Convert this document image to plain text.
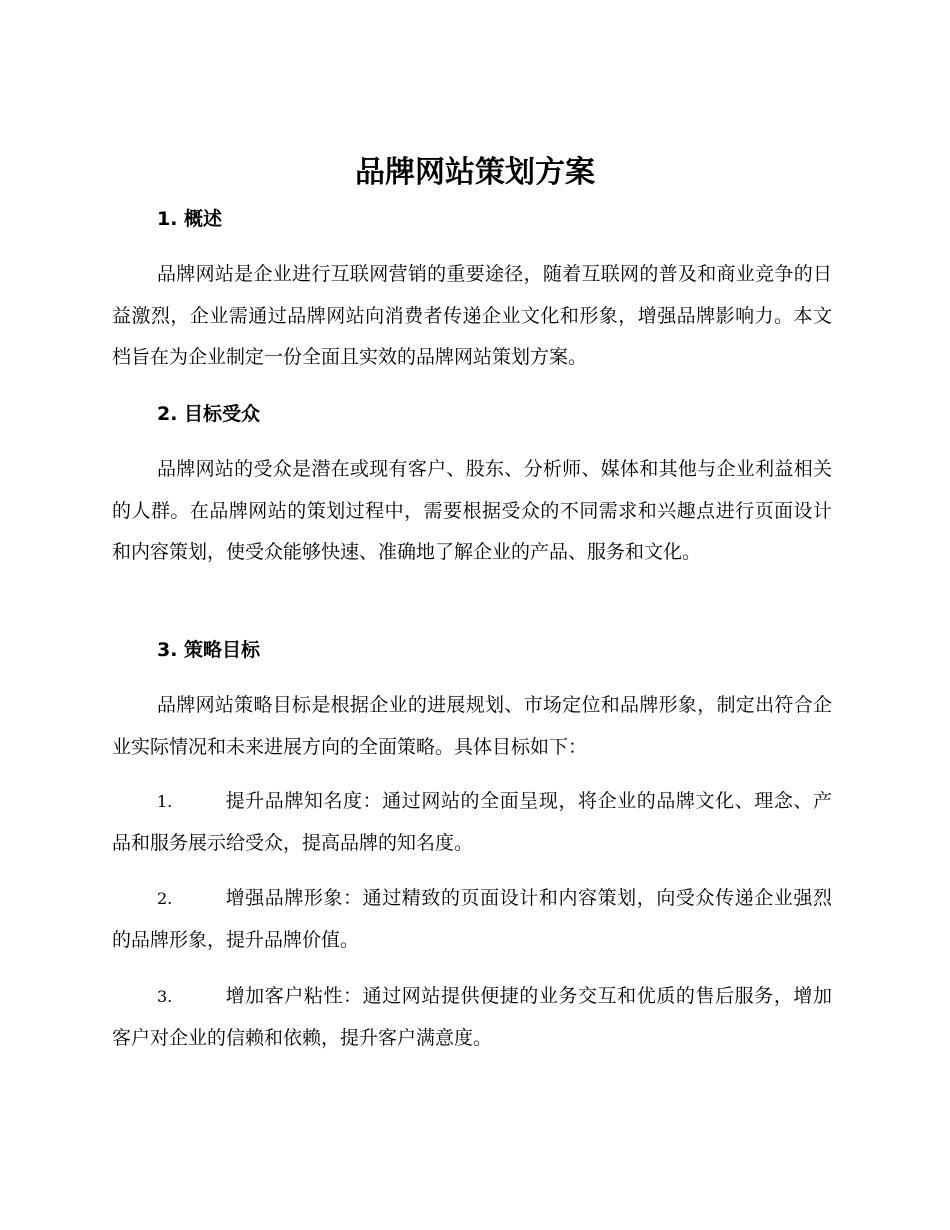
品牌网站策划方案
1. 概述

品牌网站是企业进行互联网营销的重要途径，随着互联网的普及和商业竞争的日益激烈，企业需通过品牌网站向消费者传递企业文化和形象，增强品牌影响力。本文档旨在为企业制定一份全面且实效的品牌网站策划方案。

2. 目标受众

品牌网站的受众是潜在或现有客户、股东、分析师、媒体和其他与企业利益相关的人群。在品牌网站的策划过程中，需要根据受众的不同需求和兴趣点进行页面设计和内容策划，使受众能够快速、准确地了解企业的产品、服务和文化。

3. 策略目标

品牌网站策略目标是根据企业的进展规划、市场定位和品牌形象，制定出符合企业实际情况和未来进展方向的全面策略。具体目标如下：

1.	提升品牌知名度：通过网站的全面呈现，将企业的品牌文化、理念、产品和服务展示给受众，提高品牌的知名度。

2.	增强品牌形象：通过精致的页面设计和内容策划，向受众传递企业强烈的品牌形象，提升品牌价值。

3.	增加客户粘性：通过网站提供便捷的业务交互和优质的售后服务，增加客户对企业的信赖和依赖，提升客户满意度。
